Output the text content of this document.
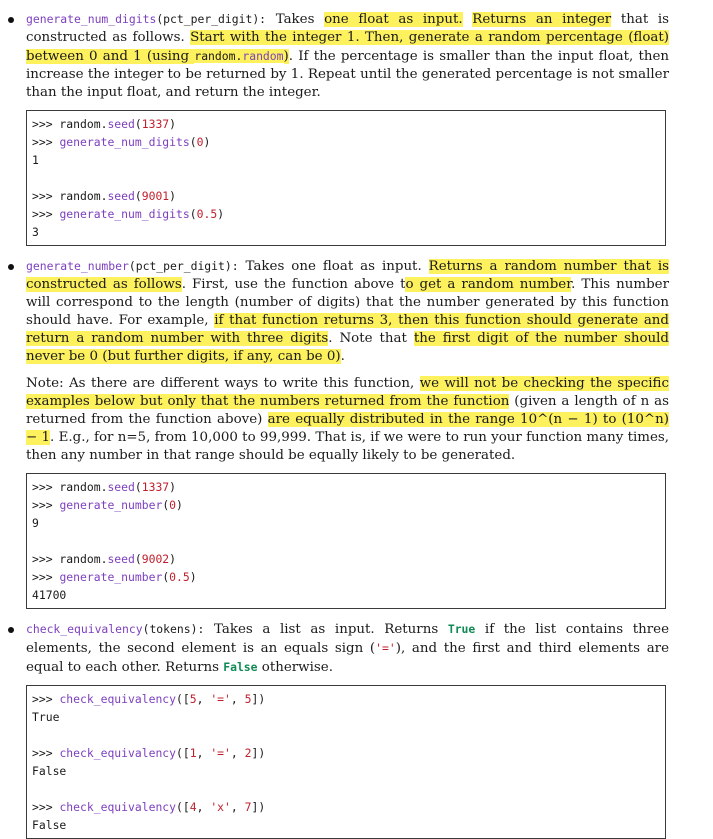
generate_num_digits(pct_per_digit): Takes one float as input. Returns an integer that is constructed as follows. Start with the integer 1. Then, generate a random percentage (float) between 0 and 1 (using random.random). If the percentage is smaller than the input float, then increase the integer to be returned by 1. Repeat until the generated percentage is not smaller than the input float, and return the integer.
>>> random.seed(1337)
>>> generate_num_digits(0)
1
>>> random.seed(9001)
>>> generate_num_digits(0.5)
3
generate_number(pct_per_digit): Takes one float as input. Returns a random number that is constructed as follows. First, use the function above to get a random number. This number will correspond to the length (number of digits) that the number generated by this function should have. For example, if that function returns 3, then this function should generate and return a random number with three digits. Note that the first digit of the number should never be 0 (but further digits, if any, can be 0).
Note: As there are different ways to write this function, we will not be checking the specific examples below but only that the numbers returned from the function (given a length of n as returned from the function above) are equally distributed in the range 10^(n − 1) to (10^n) − 1. E.g., for n=5, from 10,000 to 99,999. That is, if we were to run your function many times, then any number in that range should be equally likely to be generated.
>>> random.seed(1337)
>>> generate_number(0)
9
>>> random.seed(9002)
>>> generate_number(0.5)
41700
check_equivalency(tokens): Takes a list as input. Returns True if the list contains three elements, the second element is an equals sign ('='), and the first and third elements are equal to each other. Returns False otherwise.
>>> check_equivalency([5, '=', 5])
True
>>> check_equivalency([1, '=', 2])
False
>>> check_equivalency([4, 'x', 7])
False
